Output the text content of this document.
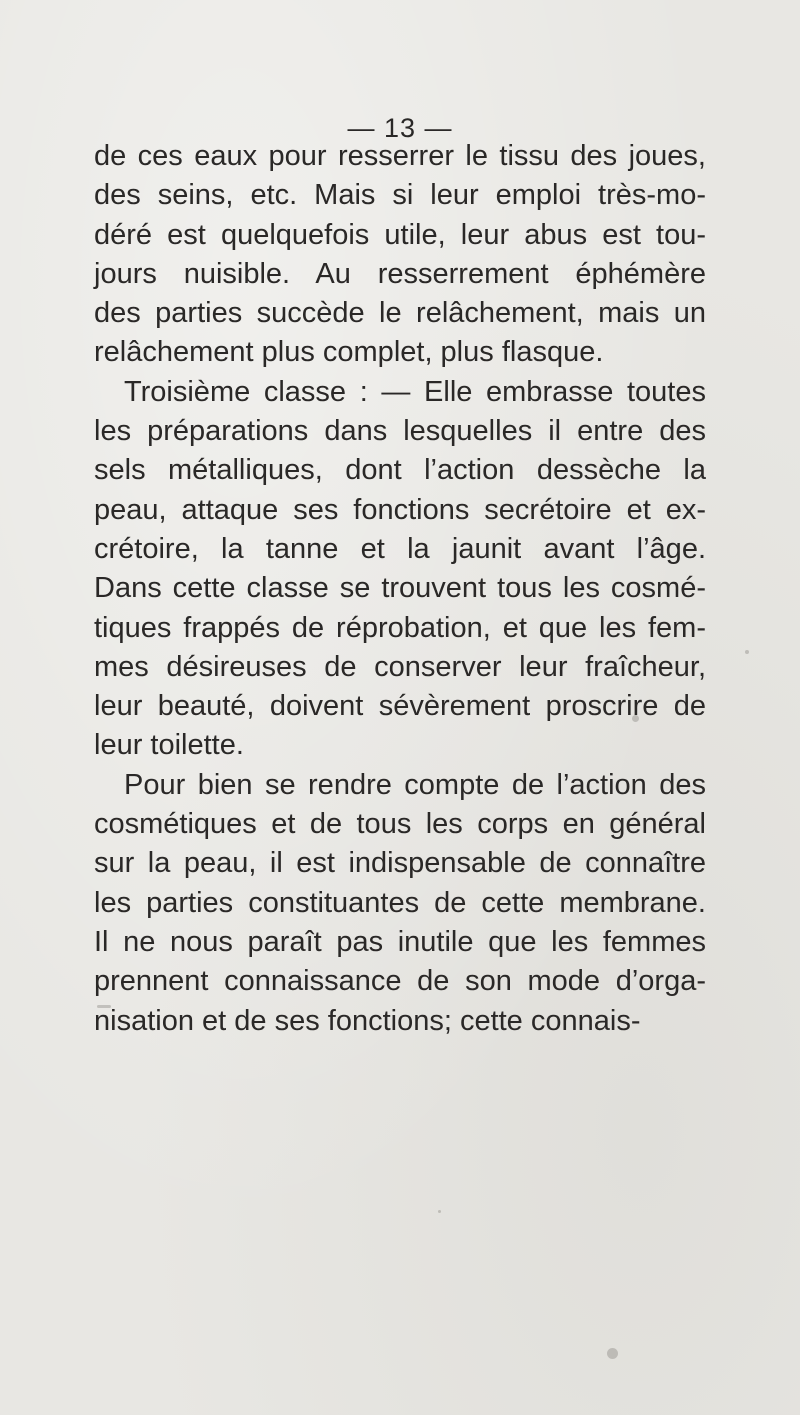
— 13 —

de ces eaux pour resserrer le tissu des joues,
des seins, etc. Mais si leur emploi très-mo-
déré est quelquefois utile, leur abus est tou-
jours nuisible. Au resserrement éphémère
des parties succède le relâchement, mais un
relâchement plus complet, plus flasque.

Troisième classe : — Elle embrasse toutes
les préparations dans lesquelles il entre des
sels métalliques, dont l’action dessèche la
peau, attaque ses fonctions secrétoire et ex-
crétoire, la tanne et la jaunit avant l’âge.
Dans cette classe se trouvent tous les cosmé-
tiques frappés de réprobation, et que les fem-
mes désireuses de conserver leur fraîcheur,
leur beauté, doivent sévèrement proscrire de
leur toilette.

Pour bien se rendre compte de l’action des
cosmétiques et de tous les corps en général
sur la peau, il est indispensable de connaître
les parties constituantes de cette membrane.
Il ne nous paraît pas inutile que les femmes
prennent connaissance de son mode d’orga-
nisation et de ses fonctions; cette connais-
